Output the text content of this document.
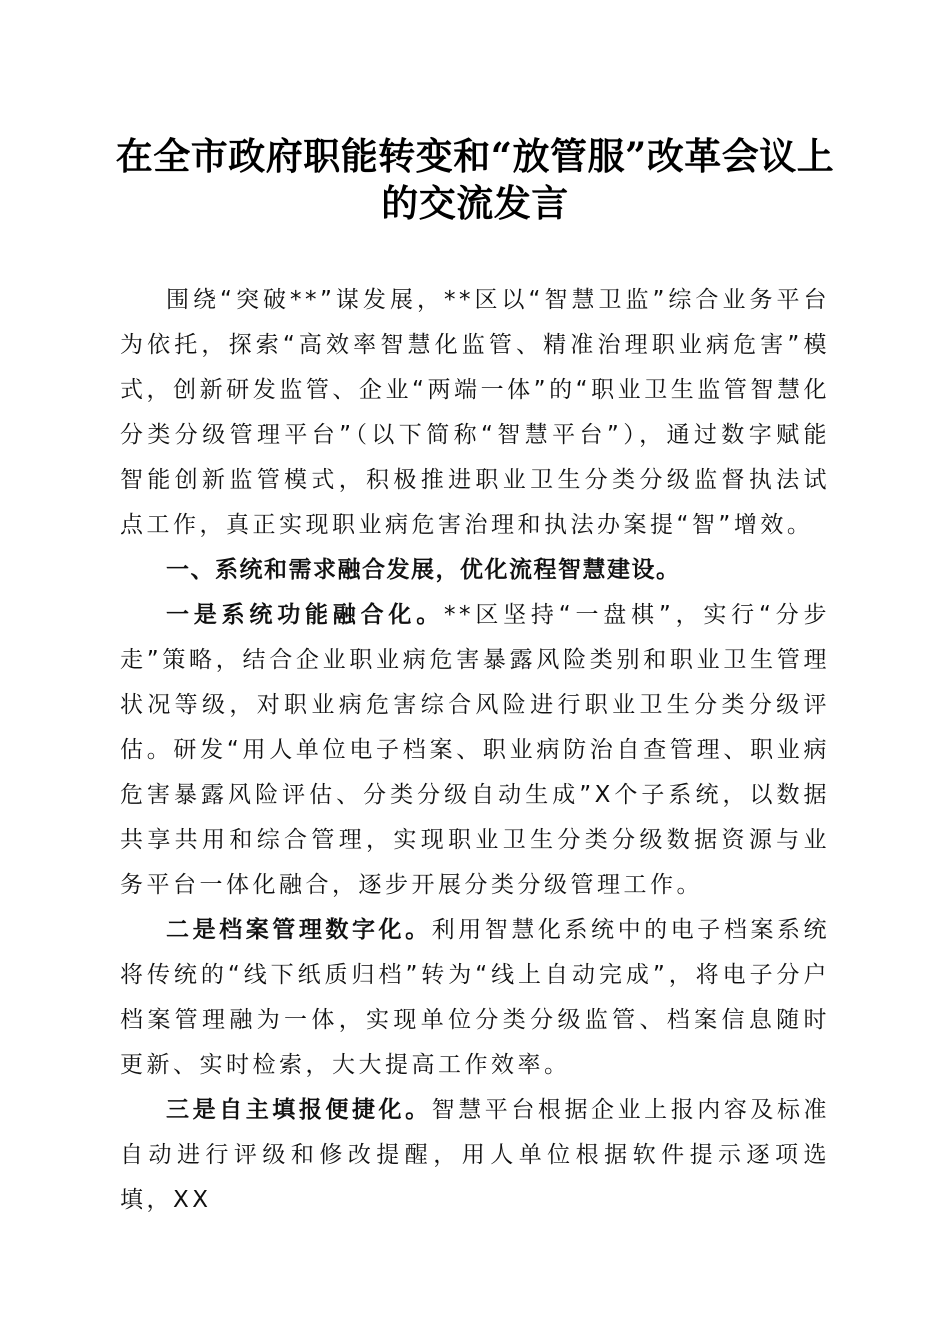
在全市政府职能转变和“放管服”改革会议上
的交流发言

围绕“突破**”谋发展，**区以“智慧卫监”综合业务平台为依托，探索“高效率智慧化监管、精准治理职业病危害”模式，创新研发监管、企业“两端一体”的“职业卫生监管智慧化分类分级管理平台”（以下简称“智慧平台”），通过数字赋能智能创新监管模式，积极推进职业卫生分类分级监督执法试点工作，真正实现职业病危害治理和执法办案提“智”增效。

一、系统和需求融合发展，优化流程智慧建设。

一是系统功能融合化。**区坚持“一盘棋”，实行“分步走”策略，结合企业职业病危害暴露风险类别和职业卫生管理状况等级，对职业病危害综合风险进行职业卫生分类分级评估。研发“用人单位电子档案、职业病防治自查管理、职业病危害暴露风险评估、分类分级自动生成”X个子系统，以数据共享共用和综合管理，实现职业卫生分类分级数据资源与业务平台一体化融合，逐步开展分类分级管理工作。

二是档案管理数字化。利用智慧化系统中的电子档案系统将传统的“线下纸质归档”转为“线上自动完成”，将电子分户档案管理融为一体，实现单位分类分级监管、档案信息随时更新、实时检索，大大提高工作效率。

三是自主填报便捷化。智慧平台根据企业上报内容及标准自动进行评级和修改提醒，用人单位根据软件提示逐项选填，XX
